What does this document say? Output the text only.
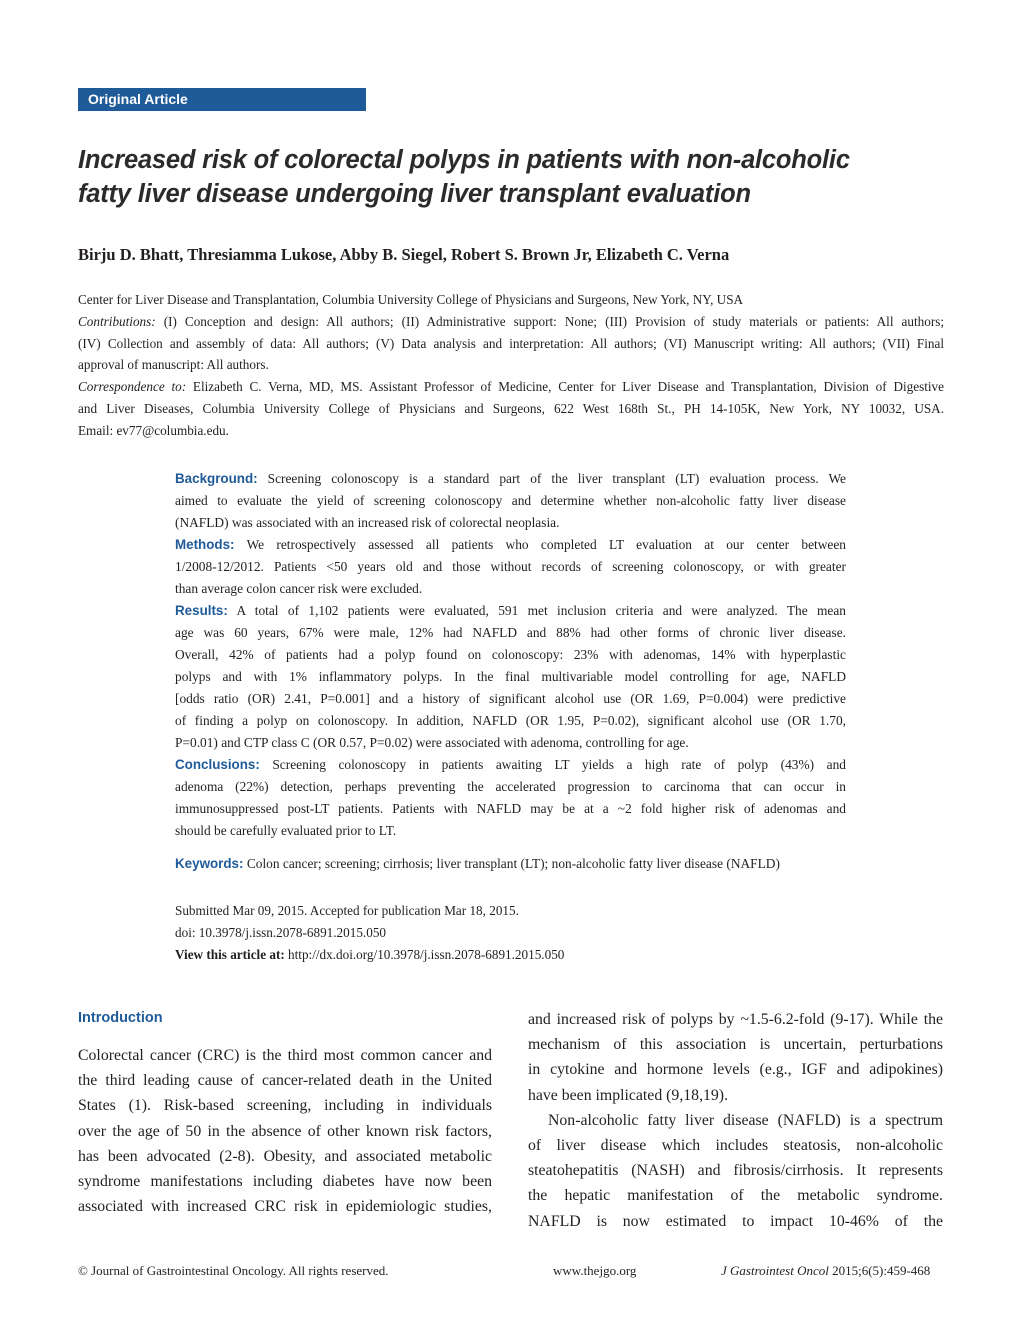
Original Article
Increased risk of colorectal polyps in patients with non-alcoholic
fatty liver disease undergoing liver transplant evaluation
Birju D. Bhatt, Thresiamma Lukose, Abby B. Siegel, Robert S. Brown Jr, Elizabeth C. Verna

Center for Liver Disease and Transplantation, Columbia University College of Physicians and Surgeons, New York, NY, USA

Contributions: (I) Conception and design: All authors; (II) Administrative support: None; (III) Provision of study materials or patients: All authors;

(IV) Collection and assembly of data: All authors; (V) Data analysis and interpretation: All authors; (VI) Manuscript writing: All authors; (VII) Final

approval of manuscript: All authors.

Correspondence to: Elizabeth C. Verna, MD, MS. Assistant Professor of Medicine, Center for Liver Disease and Transplantation, Division of Digestive

and Liver Diseases, Columbia University College of Physicians and Surgeons, 622 West 168th St., PH 14-105K, New York, NY 10032, USA.

Email: ev77@columbia.edu.

Background: Screening colonoscopy is a standard part of the liver transplant (LT) evaluation process. We
aimed to evaluate the yield of screening colonoscopy and determine whether non-alcoholic fatty liver disease
(NAFLD) was associated with an increased risk of colorectal neoplasia.
Methods: We retrospectively assessed all patients who completed LT evaluation at our center between
1/2008-12/2012. Patients <50 years old and those without records of screening colonoscopy, or with greater
than average colon cancer risk were excluded.
Results: A total of 1,102 patients were evaluated, 591 met inclusion criteria and were analyzed. The mean
age was 60 years, 67% were male, 12% had NAFLD and 88% had other forms of chronic liver disease.
Overall, 42% of patients had a polyp found on colonoscopy: 23% with adenomas, 14% with hyperplastic
polyps and with 1% inflammatory polyps. In the final multivariable model controlling for age, NAFLD
[odds ratio (OR) 2.41, P=0.001] and a history of significant alcohol use (OR 1.69, P=0.004) were predictive
of finding a polyp on colonoscopy. In addition, NAFLD (OR 1.95, P=0.02), significant alcohol use (OR 1.70,
P=0.01) and CTP class C (OR 0.57, P=0.02) were associated with adenoma, controlling for age.
Conclusions: Screening colonoscopy in patients awaiting LT yields a high rate of polyp (43%) and
adenoma (22%) detection, perhaps preventing the accelerated progression to carcinoma that can occur in
immunosuppressed post-LT patients. Patients with NAFLD may be at a ~2 fold higher risk of adenomas and
should be carefully evaluated prior to LT.
Keywords: Colon cancer; screening; cirrhosis; liver transplant (LT); non-alcoholic fatty liver disease (NAFLD)
Submitted Mar 09, 2015. Accepted for publication Mar 18, 2015.
doi: 10.3978/j.issn.2078-6891.2015.050
View this article at: http://dx.doi.org/10.3978/j.issn.2078-6891.2015.050
Introduction
Colorectal cancer (CRC) is the third most common cancer and
the third leading cause of cancer-related death in the United
States (1). Risk-based screening, including in individuals
over the age of 50 in the absence of other known risk factors,
has been advocated (2-8). Obesity, and associated metabolic
syndrome manifestations including diabetes have now been
associated with increased CRC risk in epidemiologic studies,
and increased risk of polyps by ~1.5-6.2-fold (9-17). While the
mechanism of this association is uncertain, perturbations
in cytokine and hormone levels (e.g., IGF and adipokines)
have been implicated (9,18,19).
Non-alcoholic fatty liver disease (NAFLD) is a spectrum
of liver disease which includes steatosis, non-alcoholic
steatohepatitis (NASH) and fibrosis/cirrhosis. It represents
the hepatic manifestation of the metabolic syndrome.
NAFLD is now estimated to impact 10-46% of the
© Journal of Gastrointestinal Oncology. All rights reserved.	www.thejgo.org	J Gastrointest Oncol 2015;6(5):459-468
